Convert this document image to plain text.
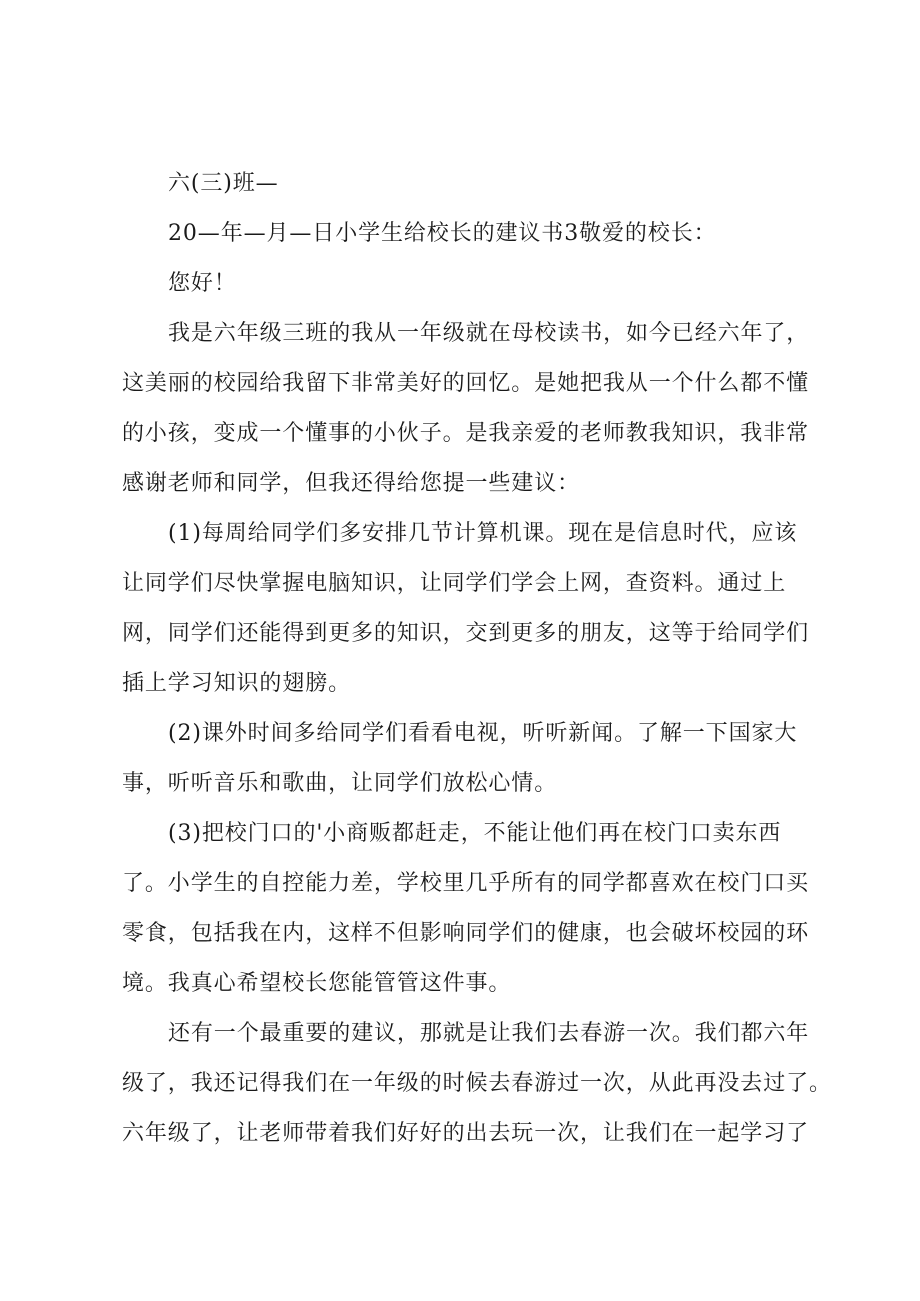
六(三)班—

20—年—月—日小学生给校长的建议书3敬爱的校长：

您好！

我是六年级三班的我从一年级就在母校读书，如今已经六年了，

这美丽的校园给我留下非常美好的回忆。是她把我从一个什么都不懂

的小孩，变成一个懂事的小伙子。是我亲爱的老师教我知识，我非常

感谢老师和同学，但我还得给您提一些建议：

(1)每周给同学们多安排几节计算机课。现在是信息时代，应该

让同学们尽快掌握电脑知识，让同学们学会上网，查资料。通过上

网，同学们还能得到更多的知识，交到更多的朋友，这等于给同学们

插上学习知识的翅膀。

(2)课外时间多给同学们看看电视，听听新闻。了解一下国家大

事，听听音乐和歌曲，让同学们放松心情。

(3)把校门口的'小商贩都赶走，不能让他们再在校门口卖东西

了。小学生的自控能力差，学校里几乎所有的同学都喜欢在校门口买

零食，包括我在内，这样不但影响同学们的健康，也会破坏校园的环

境。我真心希望校长您能管管这件事。

还有一个最重要的建议，那就是让我们去春游一次。我们都六年

级了，我还记得我们在一年级的时候去春游过一次，从此再没去过了。

六年级了，让老师带着我们好好的出去玩一次，让我们在一起学习了
